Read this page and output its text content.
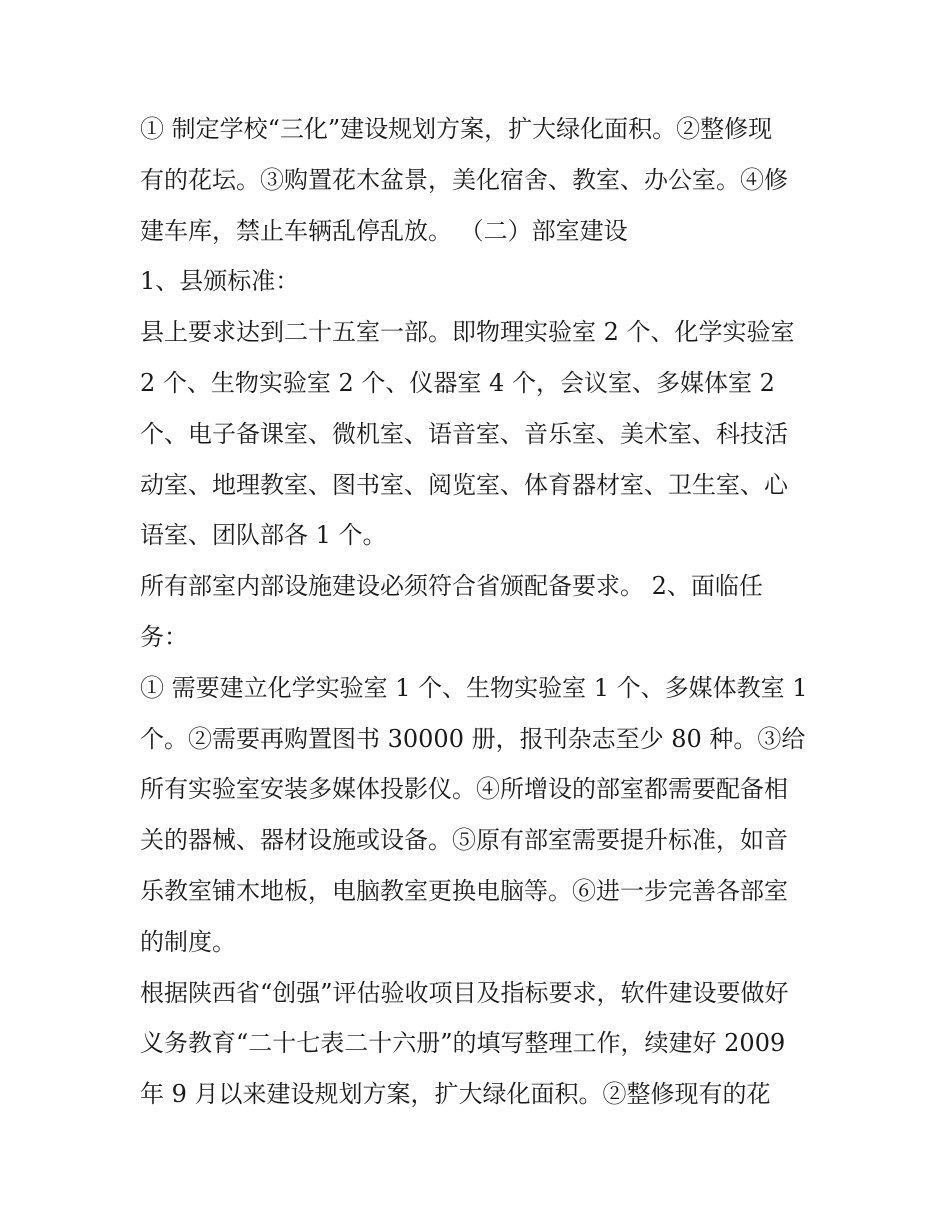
① 制定学校“三化”建设规划方案，扩大绿化面积。②整修现
有的花坛。③购置花木盆景，美化宿舍、教室、办公室。④修
建车库，禁止车辆乱停乱放。 （二）部室建设
1、县颁标准：
县上要求达到二十五室一部。即物理实验室 2 个、化学实验室
2 个、生物实验室 2 个、仪器室 4 个，会议室、多媒体室 2
个、电子备课室、微机室、语音室、音乐室、美术室、科技活
动室、地理教室、图书室、阅览室、体育器材室、卫生室、心
语室、团队部各 1 个。
所有部室内部设施建设必须符合省颁配备要求。 2、面临任
务：
① 需要建立化学实验室 1 个、生物实验室 1 个、多媒体教室 1
个。②需要再购置图书 30000 册，报刊杂志至少 80 种。③给
所有实验室安装多媒体投影仪。④所增设的部室都需要配备相
关的器械、器材设施或设备。⑤原有部室需要提升标准，如音
乐教室铺木地板，电脑教室更换电脑等。⑥进一步完善各部室
的制度。
根据陕西省“创强”评估验收项目及指标要求，软件建设要做好
义务教育“二十七表二十六册”的填写整理工作，续建好 2009
年 9 月以来建设规划方案，扩大绿化面积。②整修现有的花
